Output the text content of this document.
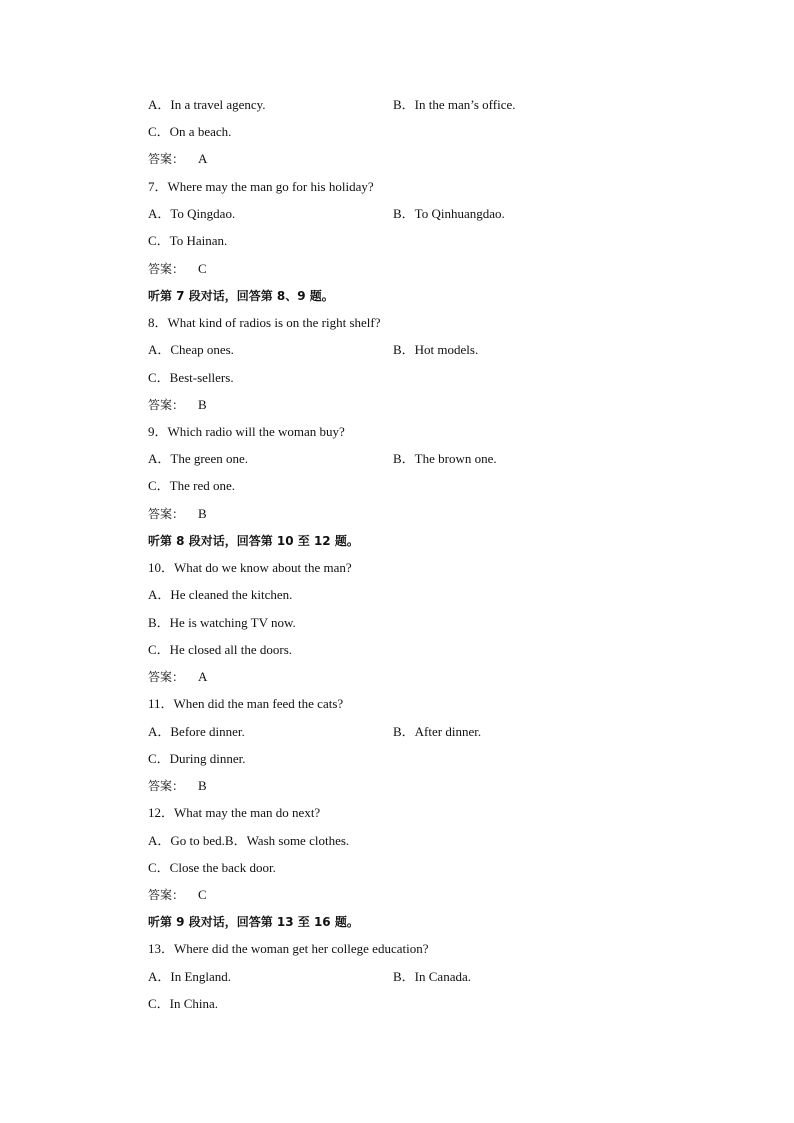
A．In a travel agency.	B．In the man’s office.
C．On a beach.
答案： A
7．Where may the man go for his holiday?
A．To Qingdao.	B．To Qinhuangdao.
C．To Hainan.
答案： C
听第 7 段对话，回答第 8、9 题。
8．What kind of radios is on the right shelf?
A．Cheap ones.	B．Hot models.
C．Best-sellers.
答案： B
9．Which radio will the woman buy?
A．The green one.	B．The brown one.
C．The red one.
答案： B
听第 8 段对话，回答第 10 至 12 题。
10．What do we know about the man?
A．He cleaned the kitchen.
B．He is watching TV now.
C．He closed all the doors.
答案： A
11．When did the man feed the cats?
A．Before dinner.	B．After dinner.
C．During dinner.
答案： B
12．What may the man do next?
A．Go to bed.B．Wash some clothes.
C．Close the back door.
答案： C
听第 9 段对话，回答第 13 至 16 题。
13．Where did the woman get her college education?
A．In England.	B．In Canada.
C．In China.
